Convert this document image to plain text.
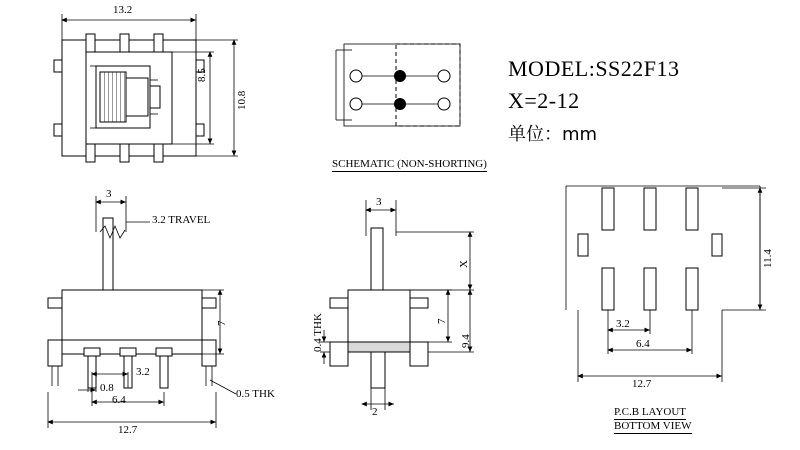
13.2
8.5
10.8
SCHEMATIC (NON-SHORTING)
MODEL:SS22F13
X=2-12
单位：mm
3
3.2 TRAVEL
7
3.2
0.8
6.4
12.7
0.5 THK
3
X
7
9.4
0.4 THK
2
11.4
3.2
6.4
12.7
P.C.B LAYOUT
BOTTOM VIEW
